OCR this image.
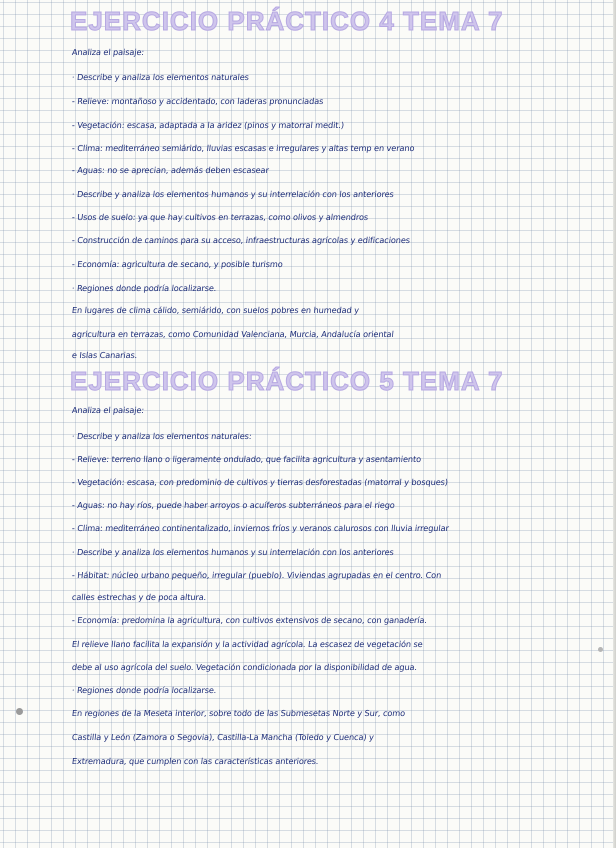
EJERCICIO PRÁCTICO 4 TEMA 7
Analiza el paisaje:
· Describe y analiza los elementos naturales
- Relieve: montañoso y accidentado, con laderas pronunciadas
- Vegetación: escasa, adaptada a la aridez (pinos y matorral medit.)
- Clima: mediterráneo semiárido, lluvias escasas e irregulares y altas temp en verano
- Aguas: no se aprecian, además deben escasear
· Describe y analiza los elementos humanos y su interrelación con los anteriores
- Usos de suelo: ya que hay cultivos en terrazas, como olivos y almendros
- Construcción de caminos para su acceso, infraestructuras agrícolas y edificaciones
- Economía: agricultura de secano, y posible turismo
· Regiones donde podría localizarse.
En lugares de clima cálido, semiárido, con suelos pobres en humedad y
agricultura en terrazas, como Comunidad Valenciana, Murcia, Andalucía oriental
e Islas Canarias.
EJERCICIO PRÁCTICO 5 TEMA 7
Analiza el paisaje:
· Describe y analiza los elementos naturales:
- Relieve: terreno llano o ligeramente ondulado, que facilita agricultura y asentamiento
- Vegetación: escasa, con predominio de cultivos y tierras desforestadas (matorral y bosques)
- Aguas: no hay ríos, puede haber arroyos o acuíferos subterráneos para el riego
- Clima: mediterráneo continentalizado, inviernos fríos y veranos calurosos con lluvia irregular
· Describe y analiza los elementos humanos y su interrelación con los anteriores
- Hábitat: núcleo urbano pequeño, irregular (pueblo). Viviendas agrupadas en el centro. Con
calles estrechas y de poca altura.
- Economía: predomina la agricultura, con cultivos extensivos de secano, con ganadería.
El relieve llano facilita la expansión y la actividad agrícola. La escasez de vegetación se
debe al uso agrícola del suelo. Vegetación condicionada por la disponibilidad de agua.
· Regiones donde podría localizarse.
En regiones de la Meseta interior, sobre todo de las Submesetas Norte y Sur, como
Castilla y León (Zamora o Segovia), Castilla-La Mancha (Toledo y Cuenca) y
Extremadura, que cumplen con las características anteriores.
